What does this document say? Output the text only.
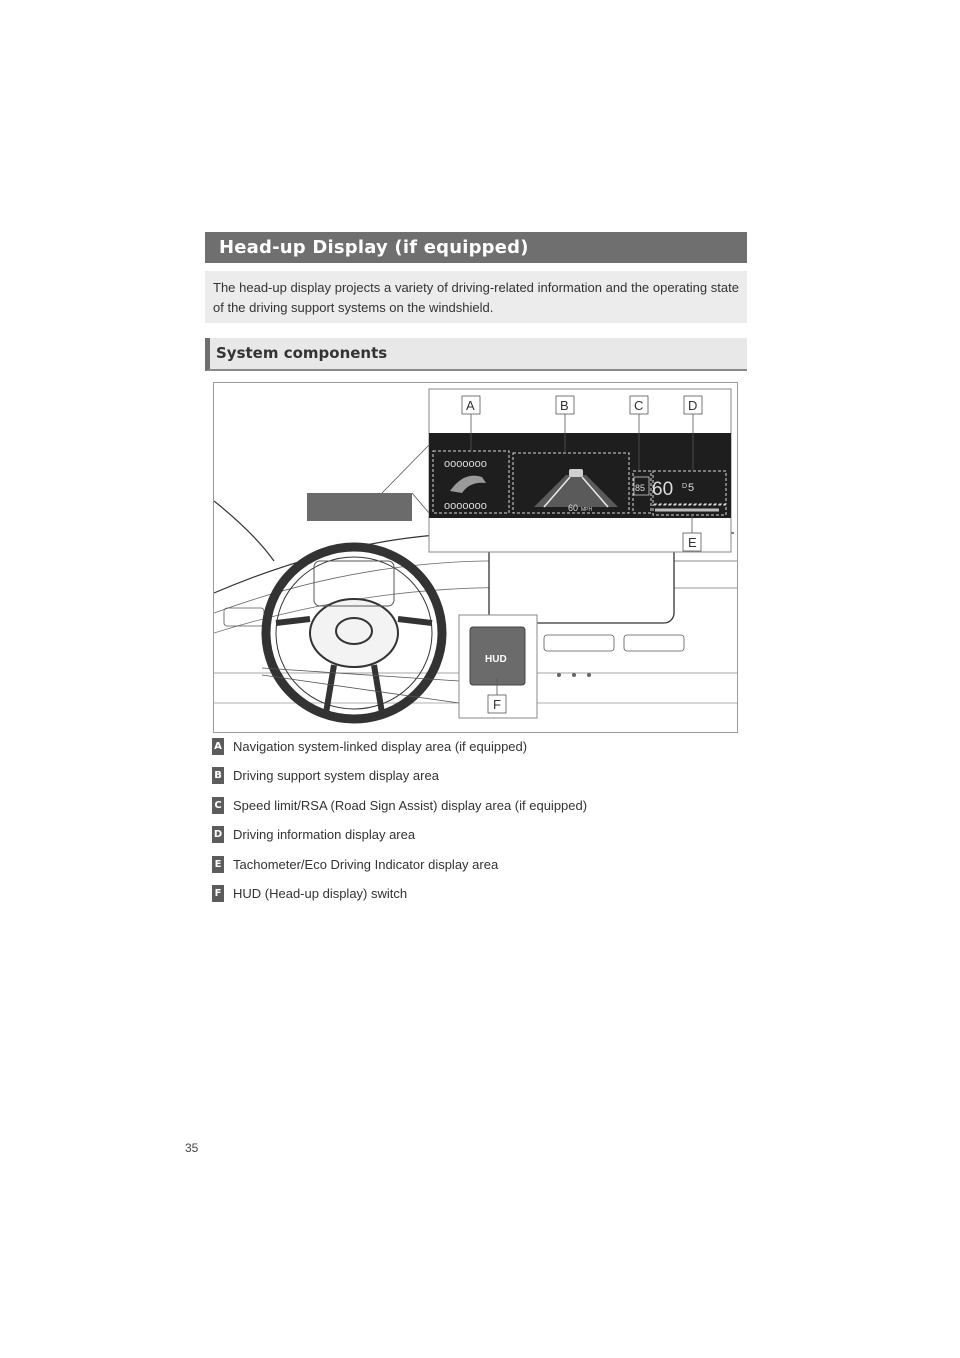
Head-up Display (if equipped)
The head-up display projects a variety of driving-related information and the operating state of the driving support systems on the windshield.
System components
ooooooo
ooooooo	60 MPH
85 60 D 5
A	B	C	D
E
HUD
F
A Navigation system-linked display area (if equipped)
B Driving support system display area
C Speed limit/RSA (Road Sign Assist) display area (if equipped)
D Driving information display area
E Tachometer/Eco Driving Indicator display area
F HUD (Head-up display) switch
35
